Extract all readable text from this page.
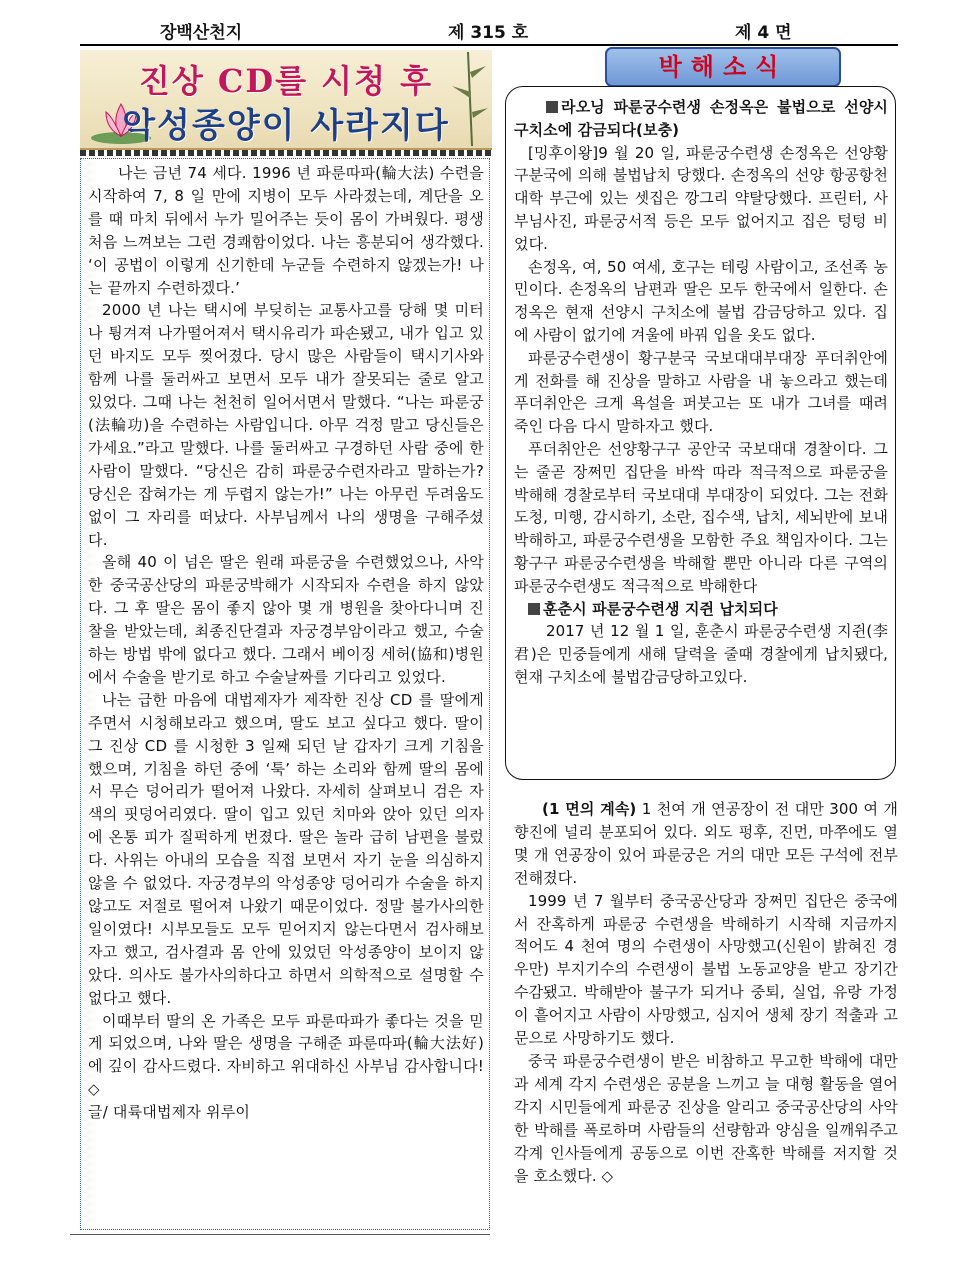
장백산천지	제 315 호	제 4 면
진상 CD를 시청 후
악성종양이 사라지다

나는 금년 74 세다. 1996 년 파룬따파(輪大法) 수련을 시작하여 7, 8 일 만에 지병이 모두 사라졌는데, 계단을 오를 때 마치 뒤에서 누가 밀어주는 듯이 몸이 가벼웠다. 평생 처음 느껴보는 그런 경쾌함이었다. 나는 흥분되어 생각했다. ‘이 공법이 이렇게 신기한데 누군들 수련하지 않겠는가! 나는 끝까지 수련하겠다.’

2000 년 나는 택시에 부딪히는 교통사고를 당해 몇 미터나 튕겨져 나가떨어져서 택시유리가 파손됐고, 내가 입고 있던 바지도 모두 찢어졌다. 당시 많은 사람들이 택시기사와 함께 나를 둘러싸고 보면서 모두 내가 잘못되는 줄로 알고 있었다. 그때 나는 천천히 일어서면서 말했다. “나는 파룬궁(法輪功)을 수련하는 사람입니다. 아무 걱정 말고 당신들은 가세요.”라고 말했다. 나를 둘러싸고 구경하던 사람 중에 한 사람이 말했다. “당신은 감히 파룬궁수련자라고 말하는가? 당신은 잡혀가는 게 두렵지 않는가!” 나는 아무런 두려움도 없이 그 자리를 떠났다. 사부님께서 나의 생명을 구해주셨다.

올해 40 이 넘은 딸은 원래 파룬궁을 수련했었으나, 사악한 중국공산당의 파룬궁박해가 시작되자 수련을 하지 않았다. 그 후 딸은 몸이 좋지 않아 몇 개 병원을 찾아다니며 진찰을 받았는데, 최종진단결과 자궁경부암이라고 했고, 수술하는 방법 밖에 없다고 했다. 그래서 베이징 세허(協和)병원에서 수술을 받기로 하고 수술날짜를 기다리고 있었다.

나는 급한 마음에 대법제자가 제작한 진상 CD 를 딸에게 주면서 시청해보라고 했으며, 딸도 보고 싶다고 했다. 딸이 그 진상 CD 를 시청한 3 일째 되던 날 갑자기 크게 기침을 했으며, 기침을 하던 중에 ‘툭’ 하는 소리와 함께 딸의 몸에서 무슨 덩어리가 떨어져 나왔다. 자세히 살펴보니 검은 자색의 핏덩어리였다. 딸이 입고 있던 치마와 앉아 있던 의자에 온통 피가 질퍽하게 번졌다. 딸은 놀라 급히 남편을 불렀다. 사위는 아내의 모습을 직접 보면서 자기 눈을 의심하지 않을 수 없었다. 자궁경부의 악성종양 덩어리가 수술을 하지 않고도 저절로 떨어져 나왔기 때문이었다. 정말 불가사의한 일이였다! 시부모들도 모두 믿어지지 않는다면서 검사해보자고 했고, 검사결과 몸 안에 있었던 악성종양이 보이지 않았다. 의사도 불가사의하다고 하면서 의학적으로 설명할 수 없다고 했다.

이때부터 딸의 온 가족은 모두 파룬따파가 좋다는 것을 믿게 되었으며, 나와 딸은 생명을 구해준 파룬따파(輪大法好)에 깊이 감사드렸다. 자비하고 위대하신 사부님 감사합니다! ◇

글/ 대륙대법제자 위루이

박해소식

라오닝 파룬궁수련생 손정옥은 불법으로 선양시 구치소에 감금되다(보충)

[밍후이왕]9 월 20 일, 파룬궁수련생 손정옥은 선양황구분국에 의해 불법납치 당했다. 손정옥의 선양 항공항천대학 부근에 있는 셋집은 깡그리 약탈당했다. 프린터, 사부님사진, 파룬궁서적 등은 모두 없어지고 집은 텅텅 비었다.

손정옥, 여, 50 여세, 호구는 테링 사람이고, 조선족 농민이다. 손정옥의 남편과 딸은 모두 한국에서 일한다. 손정옥은 현재 선양시 구치소에 불법 감금당하고 있다. 집에 사람이 없기에 겨울에 바꿔 입을 옷도 없다.

파룬궁수련생이 황구분국 국보대대부대장 푸더취안에게 전화를 해 진상을 말하고 사람을 내 놓으라고 했는데 푸더취안은 크게 욕설을 퍼붓고는 또 내가 그녀를 때려 죽인 다음 다시 말하자고 했다.

푸더취안은 선양황구구 공안국 국보대대 경찰이다. 그는 줄곧 장쩌민 집단을 바싹 따라 적극적으로 파룬궁을 박해해 경찰로부터 국보대대 부대장이 되었다. 그는 전화도청, 미행, 감시하기, 소란, 집수색, 납치, 세뇌반에 보내 박해하고, 파룬궁수련생을 모함한 주요 책임자이다. 그는 황구구 파룬궁수련생을 박해할 뿐만 아니라 다른 구역의 파룬궁수련생도 적극적으로 박해한다

훈춘시 파룬궁수련생 지쥔 납치되다

2017 년 12 월 1 일, 훈춘시 파룬궁수련생 지쥔(李君)은 민중들에게 새해 달력을 줄때 경찰에게 납치됐다,현재 구치소에 불법감금당하고있다.

(1 면의 계속) 1 천여 개 연공장이 전 대만 300 여 개 향진에 널리 분포되어 있다. 외도 펑후, 진먼, 마쭈에도 열 몇 개 연공장이 있어 파룬궁은 거의 대만 모든 구석에 전부 전해졌다.

1999 년 7 월부터 중국공산당과 장쩌민 집단은 중국에서 잔혹하게 파룬궁 수련생을 박해하기 시작해 지금까지 적어도 4 천여 명의 수련생이 사망했고(신원이 밝혀진 경우만) 부지기수의 수련생이 불법 노동교양을 받고 장기간 수감됐고. 박해받아 불구가 되거나 중퇴, 실업, 유랑 가정이 흩어지고 사람이 사망했고, 심지어 생체 장기 적출과 고문으로 사망하기도 했다.

중국 파룬궁수련생이 받은 비참하고 무고한 박해에 대만과 세계 각지 수련생은 공분을 느끼고 늘 대형 활동을 열어 각지 시민들에게 파룬궁 진상을 알리고 중국공산당의 사악한 박해를 폭로하며 사람들의 선량함과 양심을 일깨워주고 각계 인사들에게 공동으로 이번 잔혹한 박해를 저지할 것을 호소했다. ◇
